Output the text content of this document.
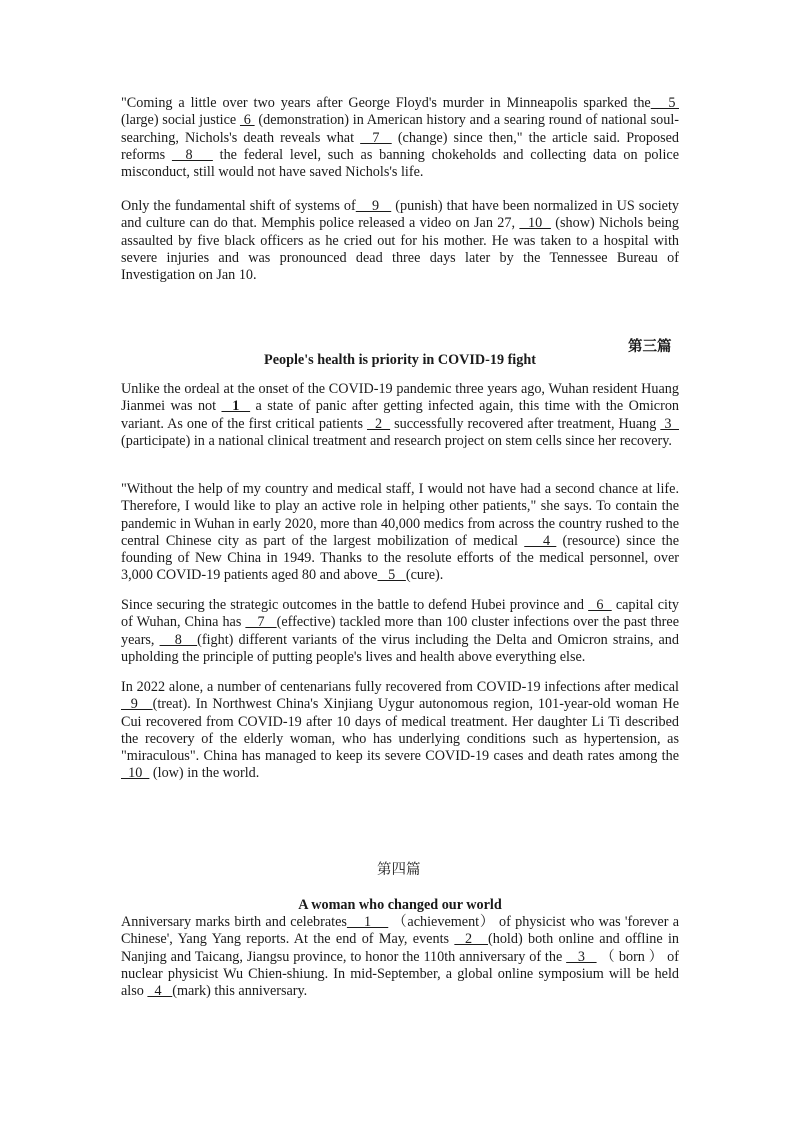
"Coming a little over two years after George Floyd's murder in Minneapolis sparked the   5  (large) social justice  6  (demonstration) in American history and a searing round of national soul-searching, Nichols's death reveals what   7   (change) since then," the article said. Proposed reforms   8    the federal level, such as banning chokeholds and collecting data on police misconduct, still would not have saved Nichols's life.

Only the fundamental shift of systems of    9    (punish) that have been normalized in US society and culture can do that. Memphis police released a video on Jan 27,   10   (show) Nichols being assaulted by five black officers as he cried out for his mother. He was taken to a hospital with severe injuries and was pronounced dead three days later by the Tennessee Bureau of Investigation on Jan 10.

第三篇

People's health is priority in COVID-19 fight

Unlike the ordeal at the onset of the COVID-19 pandemic three years ago, Wuhan resident Huang Jianmei was not   1   a state of panic after getting infected again, this time with the Omicron variant. As one of the first critical patients   2   successfully recovered after treatment, Huang  3   (participate) in a national clinical treatment and research project on stem cells since her recovery.

"Without the help of my country and medical staff, I would not have had a second chance at life. Therefore, I would like to play an active role in helping other patients," she says. To contain the pandemic in Wuhan in early 2020, more than 40,000 medics from across the country rushed to the central Chinese city as part of the largest mobilization of medical    4  (resource) since the founding of New China in 1949. Thanks to the resolute efforts of the medical personnel, over 3,000 COVID-19 patients aged 80 and above   5   (cure).

Since securing the strategic outcomes in the battle to defend Hubei province and   6   capital city of Wuhan, China has    7   (effective) tackled more than 100 cluster infections over the past three years,    8   (fight) different variants of the virus including the Delta and Omicron strains, and upholding the principle of putting people's lives and health above everything else.

In 2022 alone, a number of centenarians fully recovered from COVID-19 infections after medical   9   (treat). In Northwest China's Xinjiang Uygur autonomous region, 101-year-old woman He Cui recovered from COVID-19 after 10 days of medical treatment. Her daughter Li Ti described the recovery of the elderly woman, who has underlying conditions such as hypertension, as "miraculous". China has managed to keep its severe COVID-19 cases and death rates among the   10   (low) in the world.

第四篇

A woman who changed our world

Anniversary marks birth and celebrates    1     （achievement） of physicist who was 'forever a Chinese', Yang Yang reports. At the end of May, events   2   (hold) both online and offline in Nanjing and Taicang, Jiangsu province, to honor the 110th anniversary of the    3    （ born ） of nuclear physicist Wu Chien-shiung. In mid-September, a global online symposium will be held also   4   (mark) this anniversary.
